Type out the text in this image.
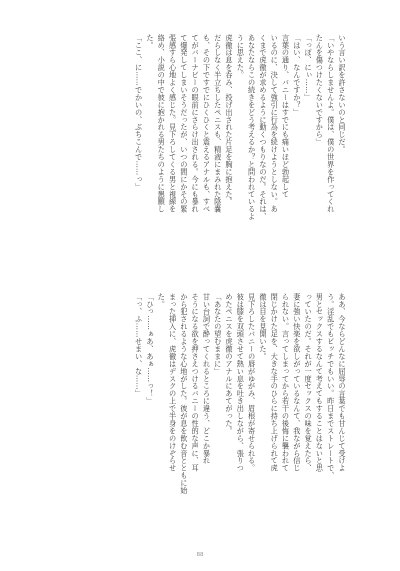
いう言い訳を許さないのと同じだ。

「いやならしませんよ。僕は、僕の世界を作ってくれ

たんを傷つけたくないですから」

「っぽ、にぃ……」

「はい、なんですか？」

言葉の通り、バニーはすでにも痛いほど勃起して

いるのに、決して強引に行為を続けようとしない。あ

くまで虎徹が求めるように動くつもりなのだ。それは、

あなたならこの続きをどう考えるか？と問われているよ

うに思えた。

虎徹は息を呑み、投げ出された片足を胸に抱えた。

だらしなく半立ちしたペニスも、精液にまみれた陰嚢

も、その下ですでにひくひくと震えるアナルも、すべ

てがバーナビーの眼前にさらけ出される。今にも暴れ

て爆発してしまいそうだったが、いつの間にかその緊

張感すら心地よく感じた。見下ろしてくる男と視線を

絡め、小説の中で彼に抱かれる男たちのように懇願し

た。

「ここ、に……でかいの、ぶちこんで……っ」

ああ、今ならどんなに屈辱の言葉でも甘んじて受けよ

う。淫乱でもビッチでもいい。昨日までストレートで、

男とセックスするなんて考えてもすることはないと思

っていたのだ。それが一度セックスの味を覚えたら、

妻に強い快楽を欲しがっているなんて、我ながら信じ

られない。言ってしまってから若干の後悔に襲われて

閉じかけた足を、大きな手のひらに持ち上げられて虎

徹は目を見開いた。

見下ろしたバニーの唇がゆがみ、眉根が寄せられる。

彼は膝を双頭させて熱い息を吐き出しながら、張りつ

めたペニスを虎徹のアナルにあてがった。

「あなたの望むままに」

甘い台詞で酔ってくれるところに違う、どこか暴れ

そうになる欲を押さえつけるバニーの性的な声に、耳

から犯されるような心地がした。彼が息を飲む音とともに始

まった挿入に、虎徹はデスクの上で半身をのけぞらせ

た。

「ひっ……ぁあ、あぁ……っ！」

「っ、ふ……せまい、な……」

88
